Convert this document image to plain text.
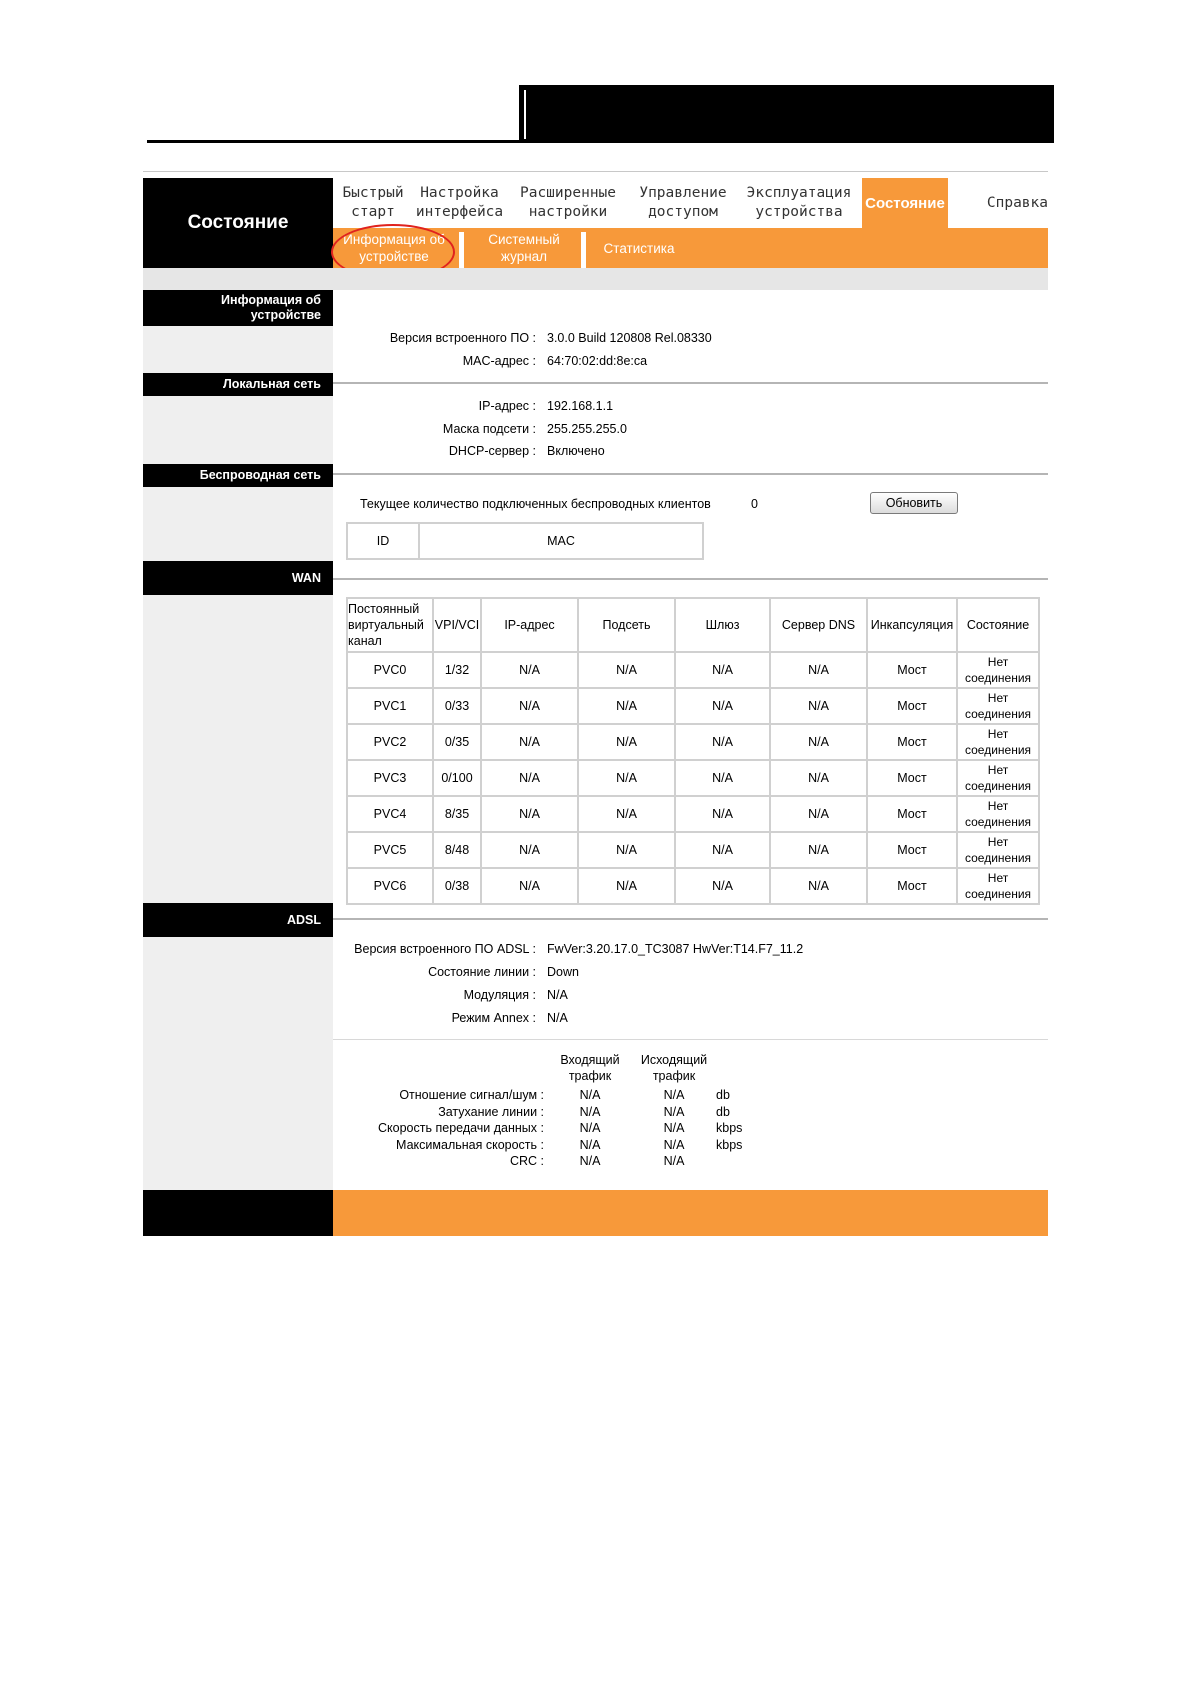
Состояние
Быстрый старт
Настройка интерфейса
Расширенные настройки
Управление доступом
Эксплуатация устройства
Состояние	Справка
Информация об устройстве
Системный журнал
Статистика
Информация об устройстве
Версия встроенного ПО : 3.0.0 Build 120808 Rel.08330
MAC-адрес : 64:70:02:dd:8e:ca
Локальная сеть
IP-адрес : 192.168.1.1
Маска подсети : 255.255.255.0
DHCP-сервер : Включено
Беспроводная сеть
Текущее количество подключенных беспроводных клиентов	0	Обновить
ID	MAC
WAN
Постоянный виртуальный канал	VPI/VCI	IP-адрес	Подсеть	Шлюз	Сервер DNS	Инкапсуляция	Состояние
PVC0	1/32	N/A	N/A	N/A	N/A	Мост	Нет соединения
PVC1	0/33	N/A	N/A	N/A	N/A	Мост	Нет соединения
PVC2	0/35	N/A	N/A	N/A	N/A	Мост	Нет соединения
PVC3	0/100	N/A	N/A	N/A	N/A	Мост	Нет соединения
PVC4	8/35	N/A	N/A	N/A	N/A	Мост	Нет соединения
PVC5	8/48	N/A	N/A	N/A	N/A	Мост	Нет соединения
PVC6	0/38	N/A	N/A	N/A	N/A	Мост	Нет соединения
ADSL
Версия встроенного ПО ADSL : FwVer:3.20.17.0_TC3087 HwVer:T14.F7_11.2
Состояние линии : Down
Модуляция : N/A
Режим Annex : N/A
Входящий трафик
Исходящий трафик
Отношение сигнал/шум :	N/A	N/A	db
Затухание линии :	N/A	N/A	db
Скорость передачи данных :	N/A	N/A	kbps
Максимальная скорость :	N/A	N/A	kbps
CRC :	N/A	N/A
